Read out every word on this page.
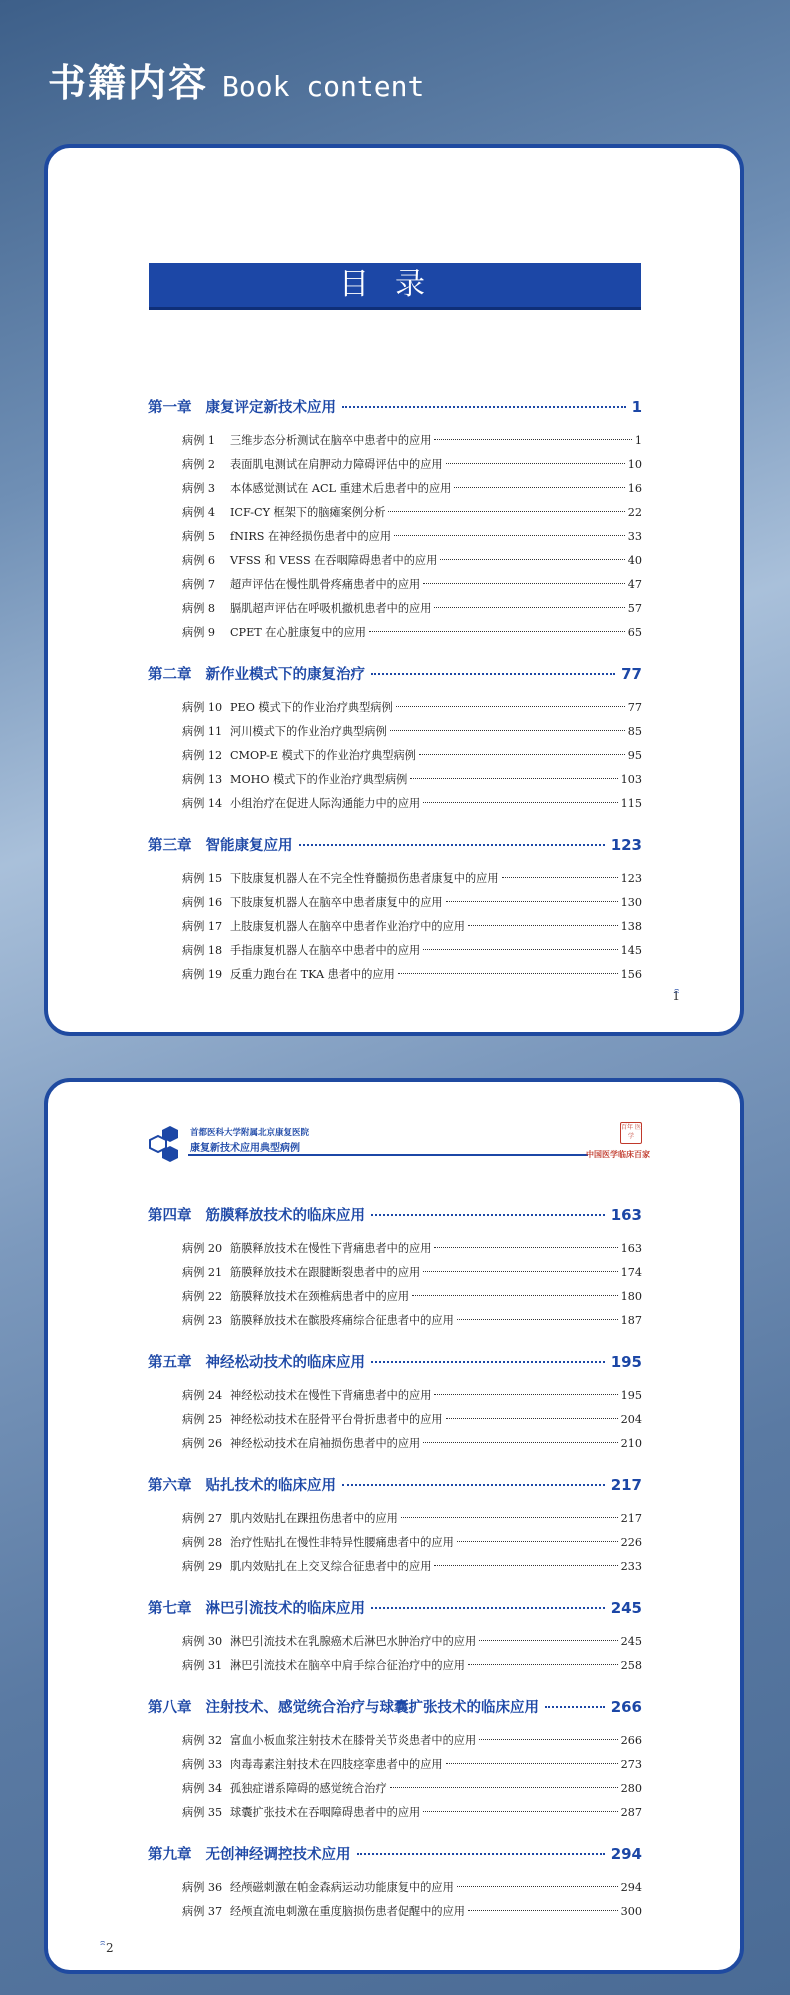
书籍内容 Book content
目录
第一章 康复评定新技术应用	1
病例 1	三维步态分析测试在脑卒中患者中的应用	1
病例 2	表面肌电测试在肩胛动力障碍评估中的应用	10
病例 3	本体感觉测试在 ACL 重建术后患者中的应用	16
病例 4	ICF-CY 框架下的脑瘫案例分析	22
病例 5	fNIRS 在神经损伤患者中的应用	33
病例 6	VFSS 和 VESS 在吞咽障碍患者中的应用	40
病例 7	超声评估在慢性肌骨疼痛患者中的应用	47
病例 8	膈肌超声评估在呼吸机撤机患者中的应用	57
病例 9	CPET 在心脏康复中的应用	65
第二章 新作业模式下的康复治疗	77
病例 10 PEO 模式下的作业治疗典型病例	77
病例 11 河川模式下的作业治疗典型病例	85
病例 12 CMOP-E 模式下的作业治疗典型病例	95
病例 13 MOHO 模式下的作业治疗典型病例	103
病例 14 小组治疗在促进人际沟通能力中的应用	115
第三章 智能康复应用	123
病例 15 下肢康复机器人在不完全性脊髓损伤患者康复中的应用	123
病例 16 下肢康复机器人在脑卒中患者康复中的应用	130
病例 17 上肢康复机器人在脑卒中患者作业治疗中的应用	138
病例 18 手指康复机器人在脑卒中患者中的应用	145
病例 19 反重力跑台在 TKA 患者中的应用	156
1
首都医科大学附属北京康复医院
康复新技术应用典型病例
百年 医学
中国医学临床百家
第四章 筋膜释放技术的临床应用	163
病例 20 筋膜释放技术在慢性下背痛患者中的应用	163
病例 21 筋膜释放技术在跟腱断裂患者中的应用	174
病例 22 筋膜释放技术在颈椎病患者中的应用	180
病例 23 筋膜释放技术在髌股疼痛综合征患者中的应用	187
第五章 神经松动技术的临床应用	195
病例 24 神经松动技术在慢性下背痛患者中的应用	195
病例 25 神经松动技术在胫骨平台骨折患者中的应用	204
病例 26 神经松动技术在肩袖损伤患者中的应用	210
第六章 贴扎技术的临床应用	217
病例 27 肌内效贴扎在踝扭伤患者中的应用	217
病例 28 治疗性贴扎在慢性非特异性腰痛患者中的应用	226
病例 29 肌内效贴扎在上交叉综合征患者中的应用	233
第七章 淋巴引流技术的临床应用	245
病例 30 淋巴引流技术在乳腺癌术后淋巴水肿治疗中的应用	245
病例 31 淋巴引流技术在脑卒中肩手综合征治疗中的应用	258
第八章 注射技术、感觉统合治疗与球囊扩张技术的临床应用	266
病例 32 富血小板血浆注射技术在膝骨关节炎患者中的应用	266
病例 33 肉毒毒素注射技术在四肢痉挛患者中的应用	273
病例 34 孤独症谱系障碍的感觉统合治疗	280
病例 35 球囊扩张技术在吞咽障碍患者中的应用	287
第九章 无创神经调控技术应用	294
病例 36 经颅磁刺激在帕金森病运动功能康复中的应用	294
病例 37 经颅直流电刺激在重度脑损伤患者促醒中的应用	300
2
